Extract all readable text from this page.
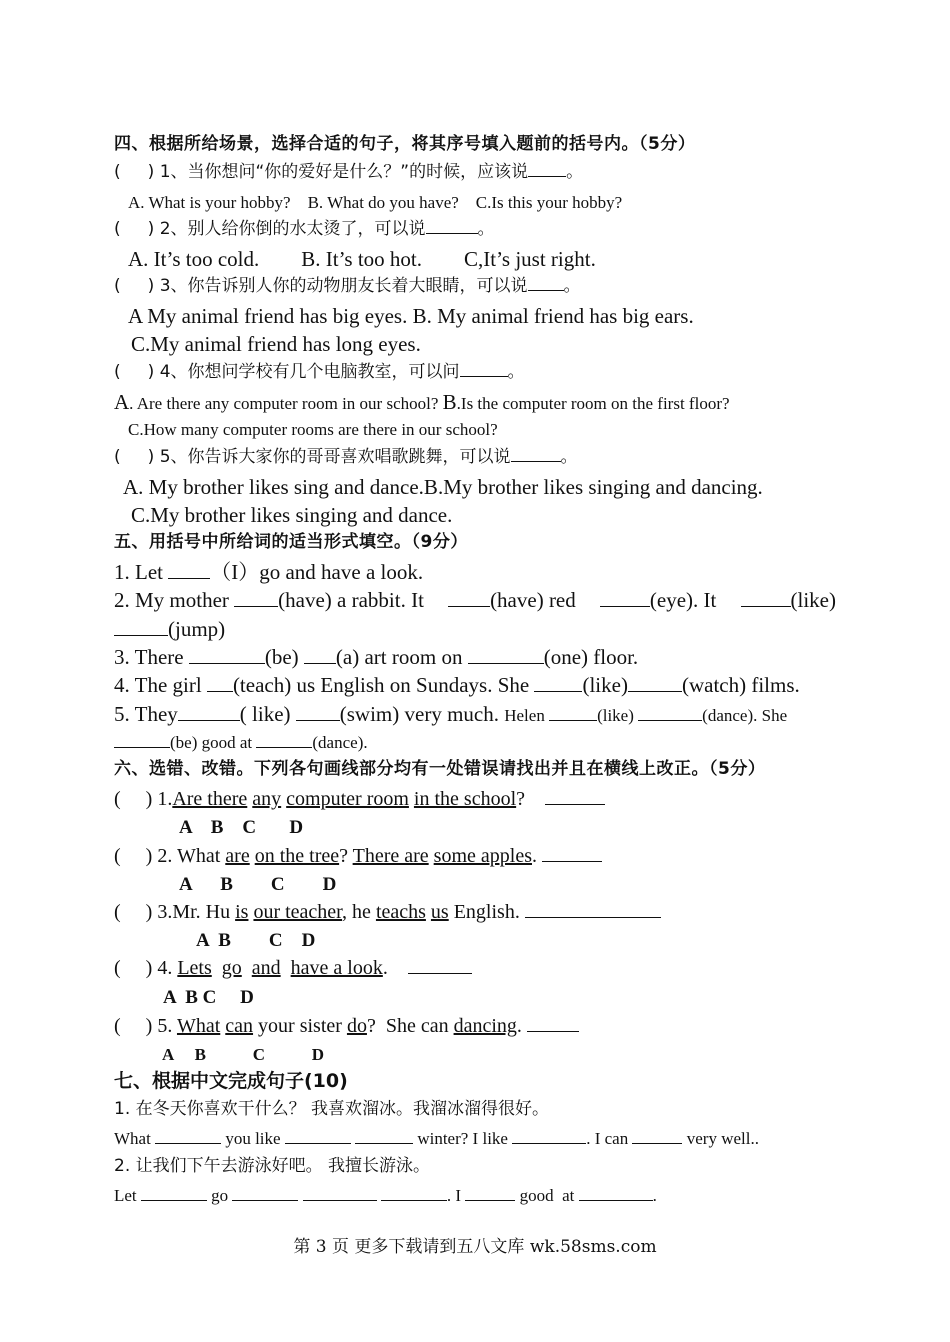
四、根据所给场景，选择合适的句子，将其序号填入题前的括号内。（5分）
(     ) 1、当你想问“你的爱好是什么？”的时候，应该说 。
A. What is your hobby?    B. What do you have?    C.Is this your hobby?
(     ) 2、别人给你倒的水太烫了，可以说	。
A. It’s too cold.        B. It’s too hot.        C,It’s just right.
(     ) 3、你告诉别人你的动物朋友长着大眼睛，可以说 。
A My animal friend has big eyes. B. My animal friend has big ears.
C.My animal friend has long eyes.
(     ) 4、你想问学校有几个电脑教室，可以问	。
A. Are there any computer room in our school? B.Is the computer room on the first floor?
C.How many computer rooms are there in our school?
(     ) 5、你告诉大家你的哥哥喜欢唱歌跳舞，可以说	。
A. My brother likes sing and dance.B.My brother likes singing and dancing.
C.My brother likes singing and dance.
五、用括号中所给词的适当形式填空。（9分）
1. Let （I）go and have a look.
2. My mother (have) a rabbit. It	(have) red	(eye). It	(like)
(jump)
3. There	(be) (a) art room on	(one) floor.
4. The girl (teach) us English on Sundays. She (like)	(watch) films.
5. They	( like) (swim) very much. Helen	(like)	(dance). She
(be) good at	(dance).
六、选错、改错。下列各句画线部分均有一处错误请找出并且在横线上改正。（5分）
(     ) 1.Are there any computer room in the school?
A B C D
(     ) 2. What are on the tree? There are some apples.
A B C D
(     ) 3.Mr. Hu is our teacher, he teachs us English.
A B C D
(     ) 4. Lets go and have a look.
A B C D
(     ) 5. What can your sister do?  She can dancing.
A B	C	D
七、根据中文完成句子(10)
1. 在冬天你喜欢干什么？ 我喜欢溜冰。我溜冰溜得很好。
What	you like	winter? I like	. I can	very well..
2. 让我们下午去游泳好吧。 我擅长游泳。
Let	go	. I	good  at	.
第 3 页 更多下载请到五八文库 wk.58sms.com
